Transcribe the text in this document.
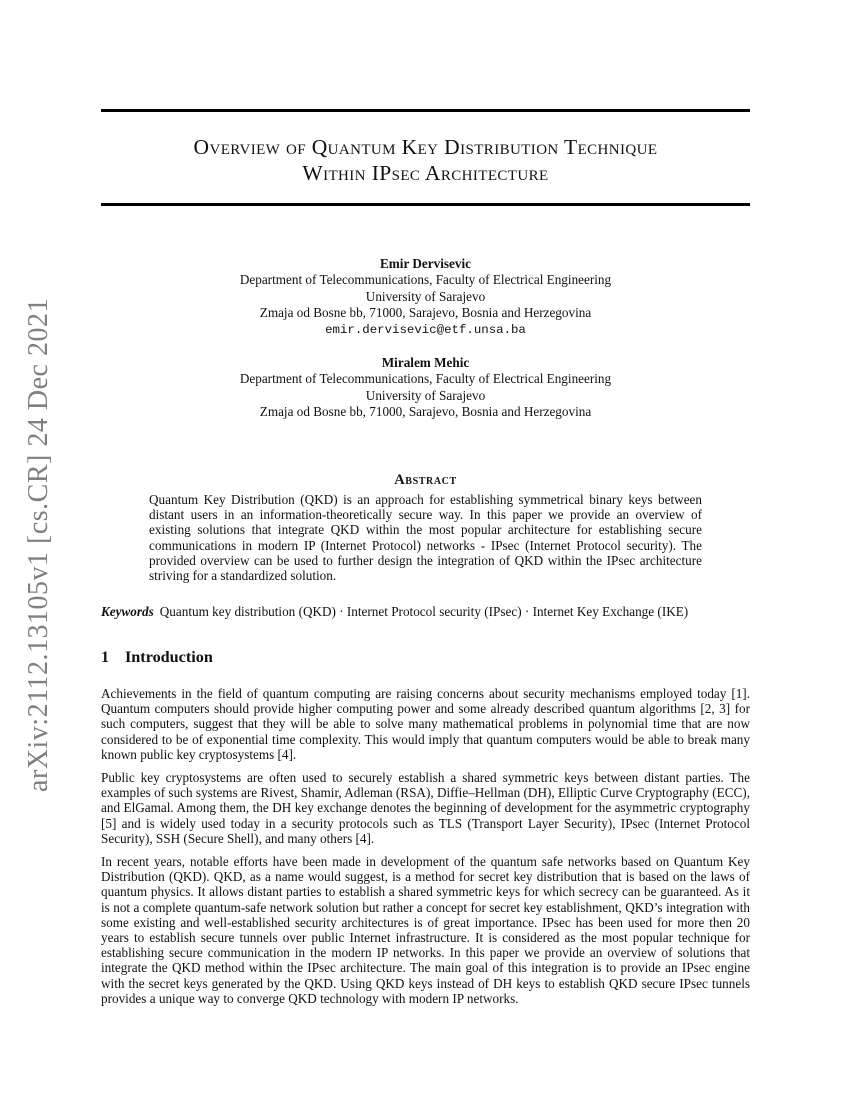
arXiv:2112.13105v1 [cs.CR] 24 Dec 2021
Overview of Quantum Key Distribution Technique
Within IPsec Architecture
Emir Dervisevic
Department of Telecommunications, Faculty of Electrical Engineering
University of Sarajevo
Zmaja od Bosne bb, 71000, Sarajevo, Bosnia and Herzegovina
emir.dervisevic@etf.unsa.ba
Miralem Mehic
Department of Telecommunications, Faculty of Electrical Engineering
University of Sarajevo
Zmaja od Bosne bb, 71000, Sarajevo, Bosnia and Herzegovina
Abstract
Quantum Key Distribution (QKD) is an approach for establishing symmetrical binary keys between distant users in an information-theoretically secure way. In this paper we provide an overview of existing solutions that integrate QKD within the most popular architecture for establishing secure communications in modern IP (Internet Protocol) networks - IPsec (Internet Protocol security). The provided overview can be used to further design the integration of QKD within the IPsec architecture striving for a standardized solution.
Keywords Quantum key distribution (QKD) · Internet Protocol security (IPsec) · Internet Key Exchange (IKE)
1 Introduction

Achievements in the field of quantum computing are raising concerns about security mechanisms employed today [1]. Quantum computers should provide higher computing power and some already described quantum algorithms [2, 3] for such computers, suggest that they will be able to solve many mathematical problems in polynomial time that are now considered to be of exponential time complexity. This would imply that quantum computers would be able to break many known public key cryptosystems [4].

Public key cryptosystems are often used to securely establish a shared symmetric keys between distant parties. The examples of such systems are Rivest, Shamir, Adleman (RSA), Diffie–Hellman (DH), Elliptic Curve Cryptography (ECC), and ElGamal. Among them, the DH key exchange denotes the beginning of development for the asymmetric cryptography [5] and is widely used today in a security protocols such as TLS (Transport Layer Security), IPsec (Internet Protocol Security), SSH (Secure Shell), and many others [4].

In recent years, notable efforts have been made in development of the quantum safe networks based on Quantum Key Distribution (QKD). QKD, as a name would suggest, is a method for secret key distribution that is based on the laws of quantum physics. It allows distant parties to establish a shared symmetric keys for which secrecy can be guaranteed. As it is not a complete quantum-safe network solution but rather a concept for secret key establishment, QKD’s integration with some existing and well-established security architectures is of great importance. IPsec has been used for more then 20 years to establish secure tunnels over public Internet infrastructure. It is considered as the most popular technique for establishing secure communication in the modern IP networks. In this paper we provide an overview of solutions that integrate the QKD method within the IPsec architecture. The main goal of this integration is to provide an IPsec engine with the secret keys generated by the QKD. Using QKD keys instead of DH keys to establish QKD secure IPsec tunnels provides a unique way to converge QKD technology with modern IP networks.
